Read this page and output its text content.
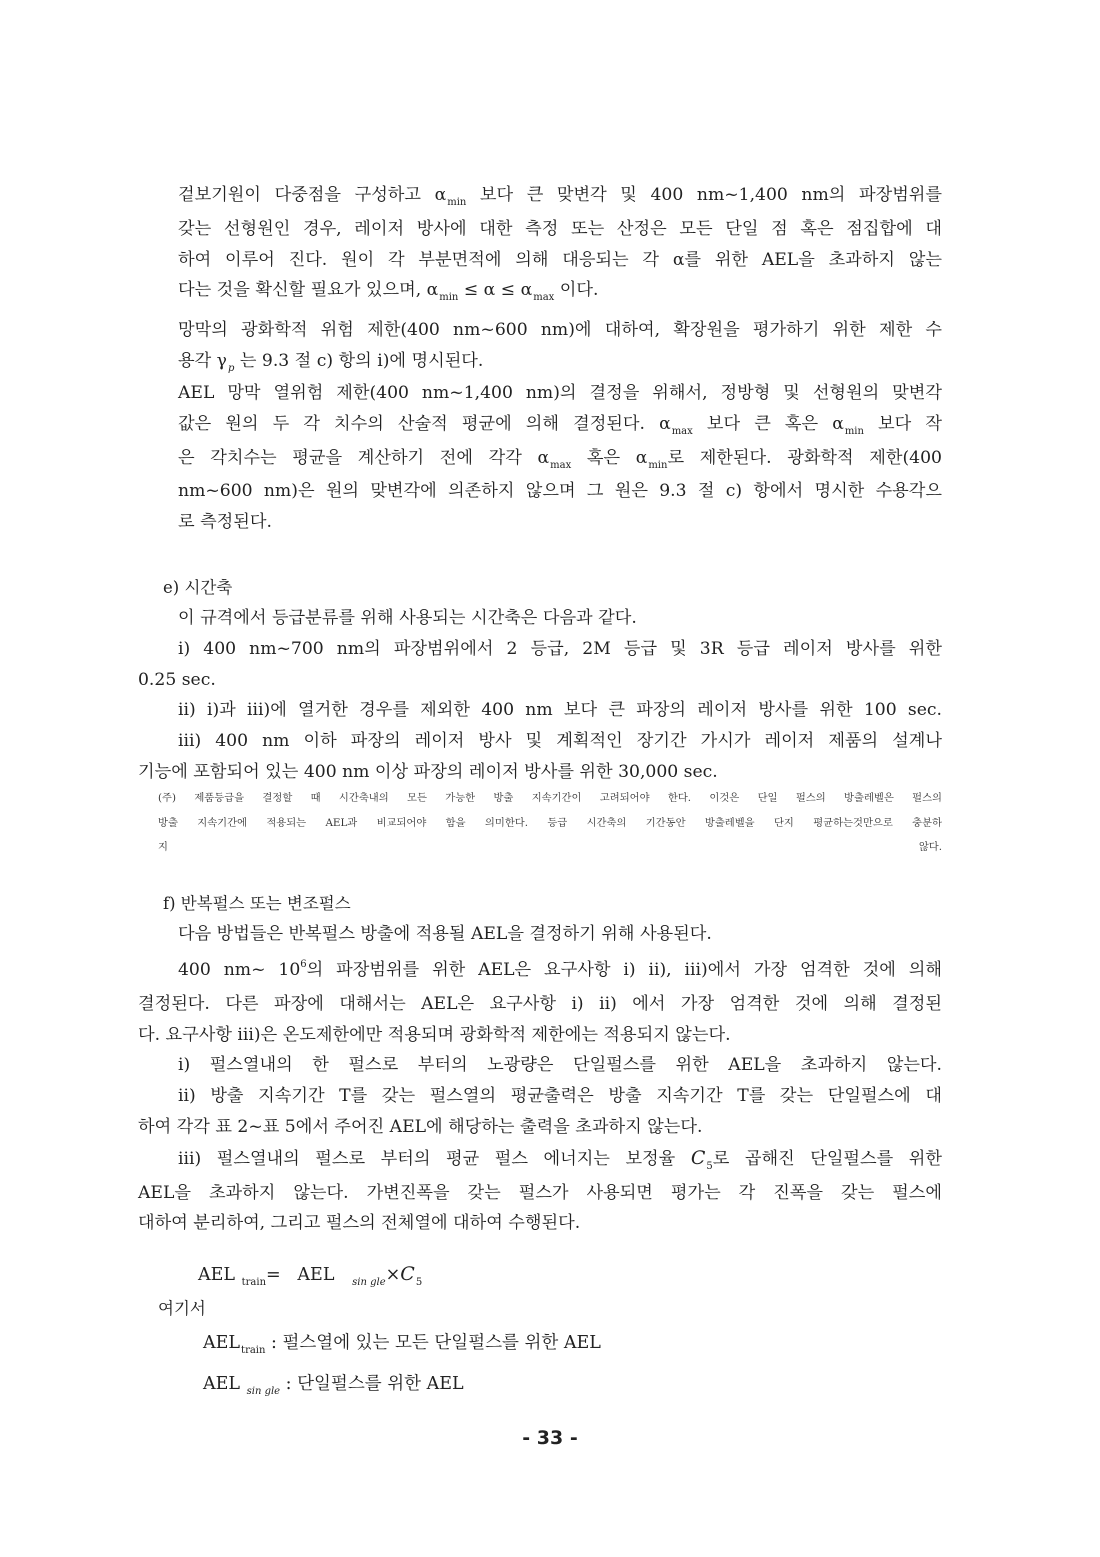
겉보기원이 다중점을 구성하고 $\alpha_{min}$ 보다 큰 맞변각 및 400 nm~1,400 nm의 파장범위를
갖는 선형원인 경우, 레이저 방사에 대한 측정 또는 산정은 모든 단일 점 혹은 점집합에 대
하여 이루어 진다. 원이 각 부분면적에 의해 대응되는 각 α를 위한 AEL을 초과하지 않는
다는 것을 확신할 필요가 있으며, $\alpha_{min} \le \alpha \le \alpha_{max}$ 이다.
망막의 광화학적 위험 제한(400 nm~600 nm)에 대하여, 확장원을 평가하기 위한 제한 수
용각 $\gamma_p$ 는 9.3 절 c) 항의 i)에 명시된다.
AEL 망막 열위험 제한(400 nm~1,400 nm)의 결정을 위해서, 정방형 및 선형원의 맞변각
값은 원의 두 각 치수의 산술적 평균에 의해 결정된다. $\alpha_{max}$ 보다 큰 혹은 $\alpha_{min}$ 보다 작
은 각치수는 평균을 계산하기 전에 각각 $\alpha_{max}$ 혹은 $\alpha_{min}$로 제한된다. 광화학적 제한(400
nm~600 nm)은 원의 맞변각에 의존하지 않으며 그 원은 9.3 절 c) 항에서 명시한 수용각으
로 측정된다.

e) 시간축

이 규격에서 등급분류를 위해 사용되는 시간축은 다음과 같다.
i) 400 nm~700 nm의 파장범위에서 2 등급, 2M 등급 및 3R 등급 레이저 방사를 위한
0.25 sec.
ii) i)과 iii)에 열거한 경우를 제외한 400 nm 보다 큰 파장의 레이저 방사를 위한 100 sec.
iii) 400 nm 이하 파장의 레이저 방사 및 계획적인 장기간 가시가 레이저 제품의 설계나
기능에 포함되어 있는 400 nm 이상 파장의 레이저 방사를 위한 30,000 sec.
(주) 제품등급을 결정할 때 시간축내의 모든 가능한 방출 지속기간이 고려되어야 한다. 이것은 단일 펄스의 방출레벨은 펄스의
방출 지속기간에 적용되는 AEL과 비교되어야 함을 의미한다. 등급 시간축의 기간동안 방출레벨을 단지 평균하는것만으로 충분하
지 않다.

f) 반복펄스 또는 변조펄스

다음 방법들은 반복펄스 방출에 적용될 AEL을 결정하기 위해 사용된다.
400 nm~ $10^6$의 파장범위를 위한 AEL은 요구사항 i) ii), iii)에서 가장 엄격한 것에 의해
결정된다. 다른 파장에 대해서는 AEL은 요구사항 i) ii) 에서 가장 엄격한 것에 의해 결정된
다. 요구사항 iii)은 온도제한에만 적용되며 광화학적 제한에는 적용되지 않는다.
i) 펄스열내의 한 펄스로 부터의 노광량은 단일펄스를 위한 AEL을 초과하지 않는다.
ii) 방출 지속기간 T를 갖는 펄스열의 평균출력은 방출 지속기간 T를 갖는 단일펄스에 대
하여 각각 표 2~표 5에서 주어진 AEL에 해당하는 출력을 초과하지 않는다.
iii) 펄스열내의 펄스로 부터의 평균 펄스 에너지는 보정율 $C_5$로 곱해진 단일펄스를 위한
AEL을 초과하지 않는다. 가변진폭을 갖는 펄스가 사용되면 평가는 각 진폭을 갖는 펄스에
대하여 분리하여, 그리고 펄스의 전체열에 대하여 수행된다.

AEL $_{train}$=   AEL $_{sin gle}\times C_5$

여기서

$AEL_{train}$ : 펄스열에 있는 모든 단일펄스를 위한 AEL
AEL $_{sin gle}$ : 단일펄스를 위한 AEL
- 33 -
